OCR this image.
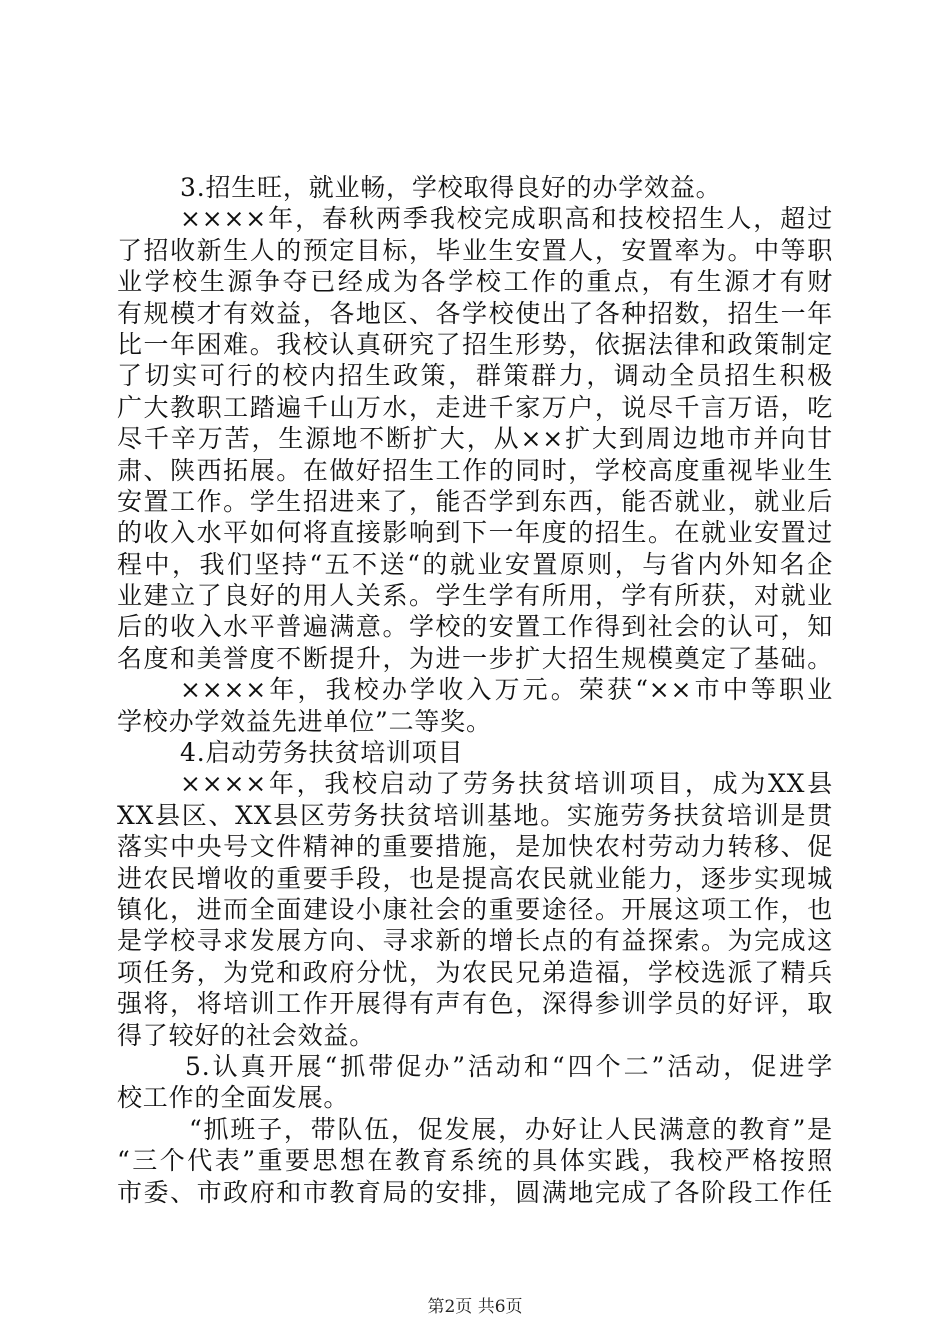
3.招生旺，就业畅，学校取得良好的办学效益。
××××年，春秋两季我校完成职高和技校招生人，超过
了招收新生人的预定目标，毕业生安置人，安置率为。中等职
业学校生源争夺已经成为各学校工作的重点，有生源才有财
有规模才有效益，各地区、各学校使出了各种招数，招生一年
比一年困难。我校认真研究了招生形势，依据法律和政策制定
了切实可行的校内招生政策，群策群力，调动全员招生积极
广大教职工踏遍千山万水，走进千家万户，说尽千言万语，吃
尽千辛万苦，生源地不断扩大，从××扩大到周边地市并向甘
肃、陕西拓展。在做好招生工作的同时，学校高度重视毕业生
安置工作。学生招进来了，能否学到东西，能否就业，就业后
的收入水平如何将直接影响到下一年度的招生。在就业安置过
程中，我们坚持“五不送“的就业安置原则，与省内外知名企
业建立了良好的用人关系。学生学有所用，学有所获，对就业
后的收入水平普遍满意。学校的安置工作得到社会的认可，知
名度和美誉度不断提升，为进一步扩大招生规模奠定了基础。
××××年，我校办学收入万元。荣获“××市中等职业
学校办学效益先进单位”二等奖。
4.启动劳务扶贫培训项目
××××年，我校启动了劳务扶贫培训项目，成为XX县
XX县区、XX县区劳务扶贫培训基地。实施劳务扶贫培训是贯
落实中央号文件精神的重要措施，是加快农村劳动力转移、促
进农民增收的重要手段，也是提高农民就业能力，逐步实现城
镇化，进而全面建设小康社会的重要途径。开展这项工作，也
是学校寻求发展方向、寻求新的增长点的有益探索。为完成这
项任务，为党和政府分忧，为农民兄弟造福，学校选派了精兵
强将，将培训工作开展得有声有色，深得参训学员的好评，取
得了较好的社会效益。
5.认真开展“抓带促办”活动和“四个二”活动，促进学
校工作的全面发展。
“抓班子，带队伍，促发展，办好让人民满意的教育”是
“三个代表”重要思想在教育系统的具体实践，我校严格按照
市委、市政府和市教育局的安排，圆满地完成了各阶段工作任
第2页 共6页
